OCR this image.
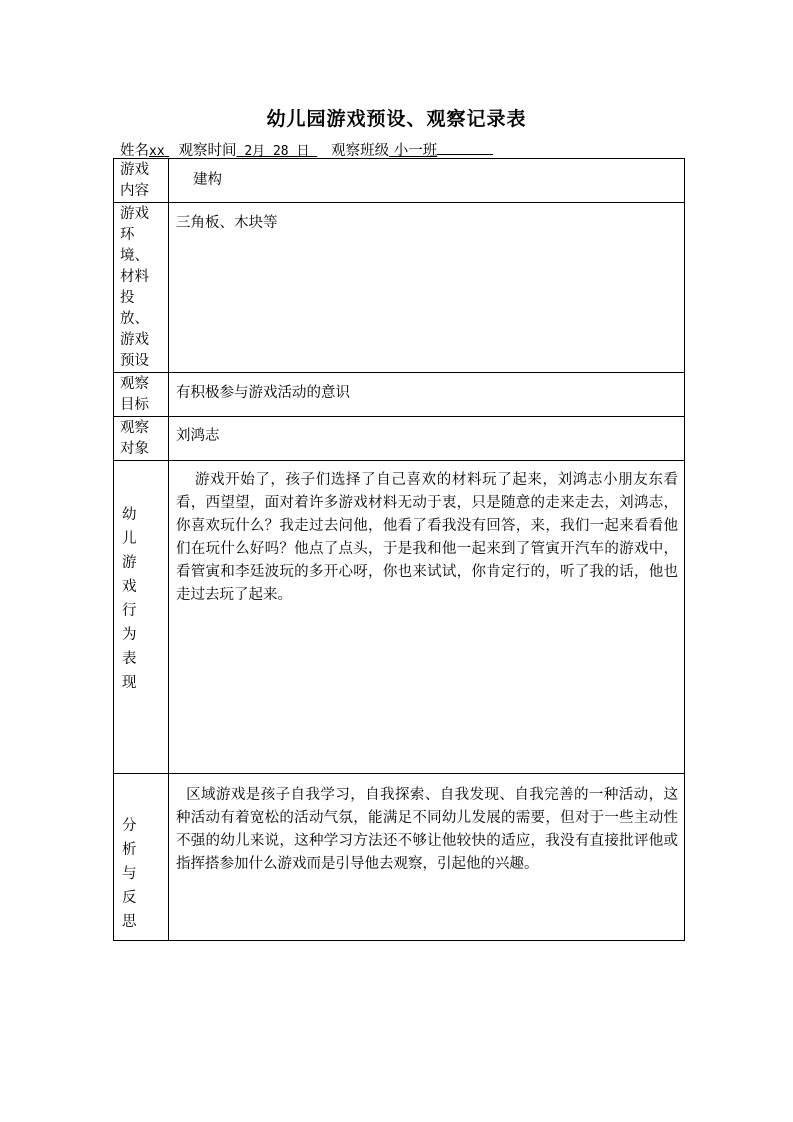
幼儿园游戏预设、观察记录表
姓名xx 观察时间 2月 28 日 观察班级 小一班
游戏内容	建构

游戏环境、材料投放、游戏预设	三角板、木块等

观察目标	有积极参与游戏活动的意识

观察对象	刘鸿志

幼儿游戏行为表现	游戏开始了，孩子们选择了自己喜欢的材料玩了起来，刘鸿志小朋友东看看，西望望，面对着许多游戏材料无动于衷，只是随意的走来走去，刘鸿志，你喜欢玩什么？我走过去问他，他看了看我没有回答，来，我们一起来看看他们在玩什么好吗？他点了点头，于是我和他一起来到了管寅开汽车的游戏中，看管寅和李廷波玩的多开心呀，你也来试试，你肯定行的，听了我的话，他也走过去玩了起来。

分析与反思	区域游戏是孩子自我学习，自我探索、自我发现、自我完善的一种活动，这种活动有着宽松的活动气氛，能满足不同幼儿发展的需要，但对于一些主动性不强的幼儿来说，这种学习方法还不够让他较快的适应，我没有直接批评他或指挥搭参加什么游戏而是引导他去观察，引起他的兴趣。
